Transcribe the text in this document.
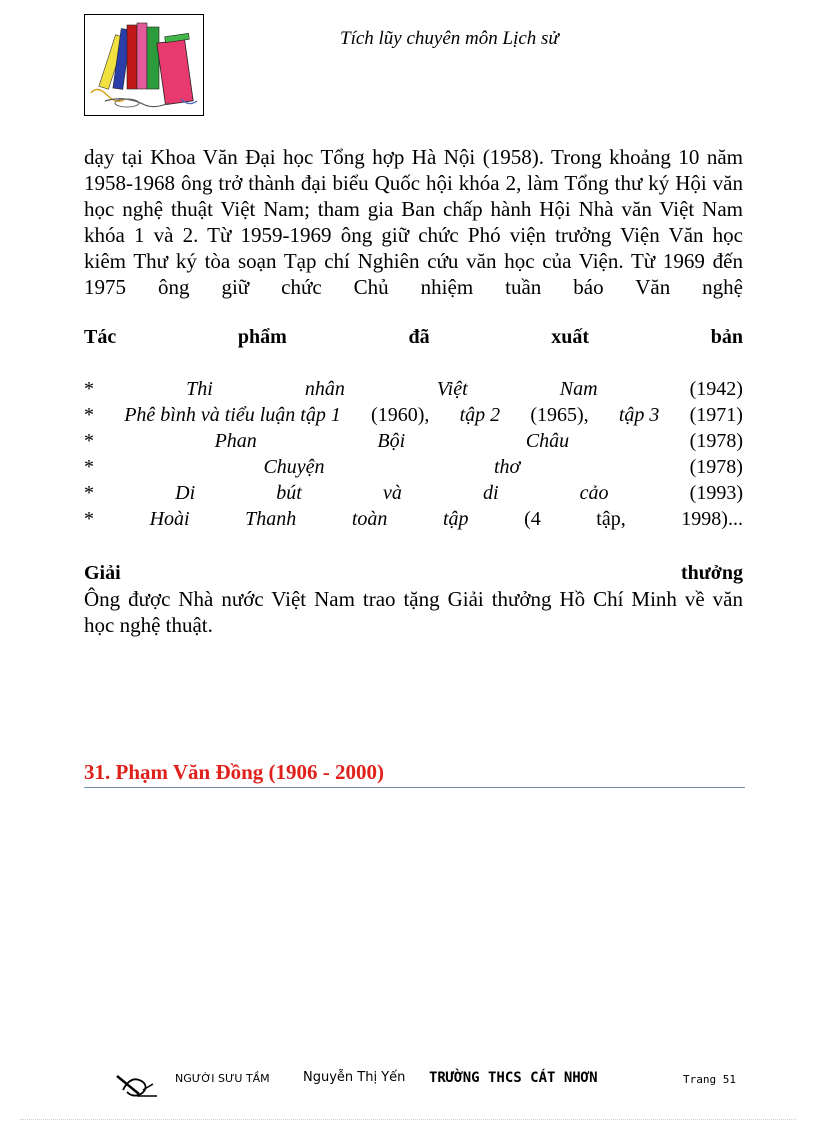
Tích lũy chuyên môn Lịch sử

dạy tại Khoa Văn Đại học Tổng hợp Hà Nội (1958). Trong khoảng 10 năm

1958-1968 ông trở thành đại biểu Quốc hội khóa 2, làm Tổng thư ký Hội văn

học nghệ thuật Việt Nam; tham gia Ban chấp hành Hội Nhà văn Việt Nam

khóa 1 và 2. Từ 1959-1969 ông giữ chức Phó viện trưởng Viện Văn học

kiêm Thư ký tòa soạn Tạp chí Nghiên cứu văn học của Viện. Từ 1969 đến

1975 ông giữ chức Chủ nhiệm tuần báo Văn nghệ

Tác	phẩm	đã	xuất	bản
*	Thi	nhân	Việt	Nam	(1942)
* Phê bình và tiểu luận tập 1 (1960), tập 2 (1965), tập 3 (1971)
*	Phan	Bội	Châu	(1978)
*	Chuyện	thơ	(1978)
*	Di	bút	và	di	cảo	(1993)
*	Hoài	Thanh	toàn	tập	(4	tập,	1998)...
Giải	thưởng

Ông được Nhà nước Việt Nam trao tặng Giải thưởng Hồ Chí Minh về văn

học nghệ thuật.

31. Phạm Văn Đồng (1906 - 2000)
NGƯỜI SƯU TẦM	Nguyễn Thị Yến TRƯỜNG THCS CÁT NHƠN	Trang 51
